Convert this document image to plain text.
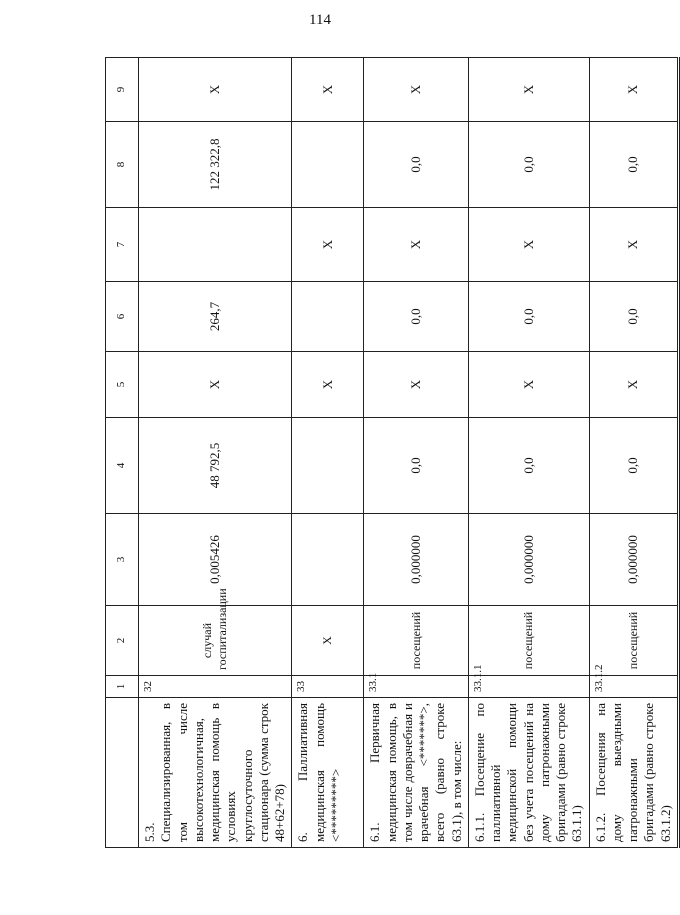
114
	1	2	3	4	5	6	7	8	9
5.3. Специализированная, в том числе высокотехнологичная, медицинская помощь в условиях круглосуточного стационара (сумма строк 48+62+78)	32	случай госпитализации	0,005426	48 792,5	Х	264,7		122 322,8	Х
6. Паллиативная медицинская помощь <*********>	33	Х			Х		Х		Х
6.1. Первичная медицинская помощь, в том числе доврачебная и врачебная <*******>, всего (равно строке 63.1), в том числе:	33.1	посещений	0,000000	0,0	Х	0,0	Х	0,0	Х
6.1.1. Посещение по паллиативной медицинской помощи без учета посещений на дому патронажными бригадами (равно строке 63.1.1)	33.1.1	посещений	0,000000	0,0	Х	0,0	Х	0,0	Х
6.1.2. Посещения на дому выездными патронажными бригадами (равно строке 63.1.2)	33.1.2	посещений	0,000000	0,0	Х	0,0	Х	0,0	Х
